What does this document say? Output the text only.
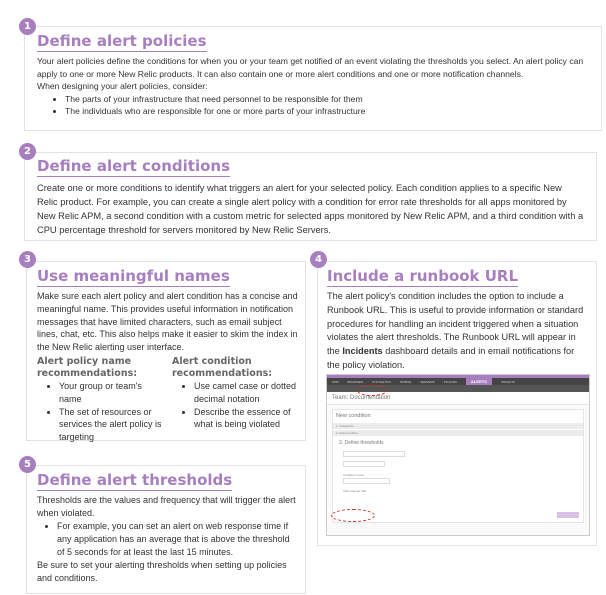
1
Define alert policies

Your alert policies define the conditions for when you or your team get notified of an event violating the thresholds you select. An alert policy can apply to one or more New Relic products. It can also contain one or more alert conditions and one or more notification channels.

When designing your alert policies, consider:

• The parts of your infrastructure that need personnel to be responsible for them
• The individuals who are responsible for one or more parts of your infrastructure
2
Define alert conditions

Create one or more conditions to identify what triggers an alert for your selected policy. Each condition applies to a specific New Relic product. For example, you can create a single alert policy with a condition for error rate thresholds for all apps monitored by New Relic APM, a second condition with a custom metric for selected apps monitored by New Relic APM, and a third condition with a CPU percentage threshold for servers monitored by New Relic Servers.

3
Use meaningful names

Make sure each alert policy and alert condition has a concise and meaningful name. This provides useful information in notification messages that have limited characters, such as email subject lines, chat, etc. This also helps make it easier to skim the index in the New Relic alerting user interface.

Alert policy name recommendations:
• Your group or team's name
• The set of resources or services the alert policy is targeting
Alert condition recommendations:
• Use camel case or dotted decimal notation
• Describe the essence of what is being violated
4
Include a runbook URL

The alert policy's condition includes the option to include a Runbook URL. This is useful to provide information or standard procedures for handling an incident triggered when a situation violates the alert thresholds. The Runbook URL will appear in the Incidents dashboard details and in email notifications for the policy violation.

APM	BROWSER	SYNTHETICS	MOBILE	SERVERS	PLUGINS	ALERTS	INSIGHTS
Team: Documentation
New condition
1. Categorize
2. Select entities
3. Define thresholds
Condition name
Add runbook URL
5
Define alert thresholds

Thresholds are the values and frequency that will trigger the alert when violated.

• For example, you can set an alert on web response time if any application has an average that is above the threshold of 5 seconds for at least the last 15 minutes.

Be sure to set your alerting thresholds when setting up policies and conditions.
